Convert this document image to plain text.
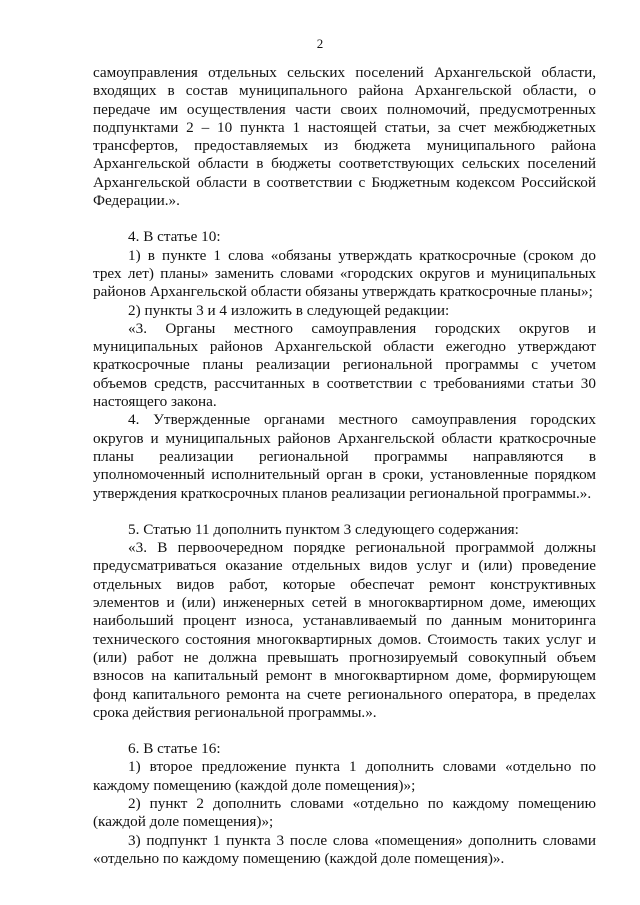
2

самоуправления отдельных сельских поселений Архангельской области, входящих в состав муниципального района Архангельской области, о передаче им осуществления части своих полномочий, предусмотренных подпунктами 2 – 10 пункта 1 настоящей статьи, за счет межбюджетных трансфертов, предоставляемых из бюджета муниципального района Архангельской области в бюджеты соответствующих сельских поселений Архангельской области в соответствии с Бюджетным кодексом Российской Федерации.».

4. В статье 10:

1) в пункте 1 слова «обязаны утверждать краткосрочные (сроком до трех лет) планы» заменить словами «городских округов и муниципальных районов Архангельской области обязаны утверждать краткосрочные планы»;

2) пункты 3 и 4 изложить в следующей редакции:

«3. Органы местного самоуправления городских округов и муниципальных районов Архангельской области ежегодно утверждают краткосрочные планы реализации региональной программы с учетом объемов средств, рассчитанных в соответствии с требованиями статьи 30 настоящего закона.

4. Утвержденные органами местного самоуправления городских округов и муниципальных районов Архангельской области краткосрочные планы реализации региональной программы направляются в уполномоченный исполнительный орган в сроки, установленные порядком утверждения краткосрочных планов реализации региональной программы.».

5. Статью 11 дополнить пунктом 3 следующего содержания:

«3. В первоочередном порядке региональной программой должны предусматриваться оказание отдельных видов услуг и (или) проведение отдельных видов работ, которые обеспечат ремонт конструктивных элементов и (или) инженерных сетей в многоквартирном доме, имеющих наибольший процент износа, устанавливаемый по данным мониторинга технического состояния многоквартирных домов. Стоимость таких услуг и (или) работ не должна превышать прогнозируемый совокупный объем взносов на капитальный ремонт в многоквартирном доме, формирующем фонд капитального ремонта на счете регионального оператора, в пределах срока действия региональной программы.».

6. В статье 16:

1) второе предложение пункта 1 дополнить словами «отдельно по каждому помещению (каждой доле помещения)»;

2) пункт 2 дополнить словами «отдельно по каждому помещению (каждой доле помещения)»;

3) подпункт 1 пункта 3 после слова «помещения» дополнить словами «отдельно по каждому помещению (каждой доле помещения)».
